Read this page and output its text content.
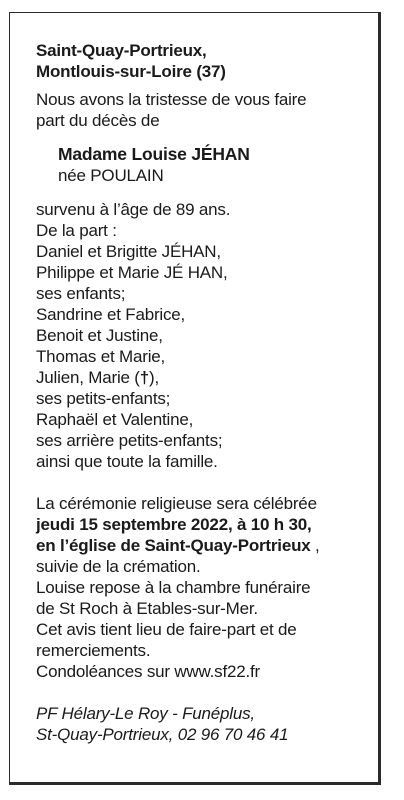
Saint-Quay-Portrieux,
Montlouis-sur-Loire (37)
Nous avons la tristesse de vous faire
part du décès de
Madame Louise JÉHAN
née POULAIN
survenu à l’âge de 89 ans.
De la part :
Daniel et Brigitte JÉHAN,
Philippe et Marie JÉ HAN,
ses enfants;
Sandrine et Fabrice,
Benoit et Justine,
Thomas et Marie,
Julien, Marie (†),
ses petits-enfants;
Raphaël et Valentine,
ses arrière petits-enfants;
ainsi que toute la famille.
La cérémonie religieuse sera célébrée
jeudi 15 septembre 2022, à 10 h 30,
en l’église de Saint-Quay-Portrieux ,
suivie de la crémation.
Louise repose à la chambre funéraire
de St Roch à Etables-sur-Mer.
Cet avis tient lieu de faire-part et de
remerciements.
Condoléances sur www.sf22.fr
PF Hélary-Le Roy - Funéplus,
St-Quay-Portrieux, 02 96 70 46 41
